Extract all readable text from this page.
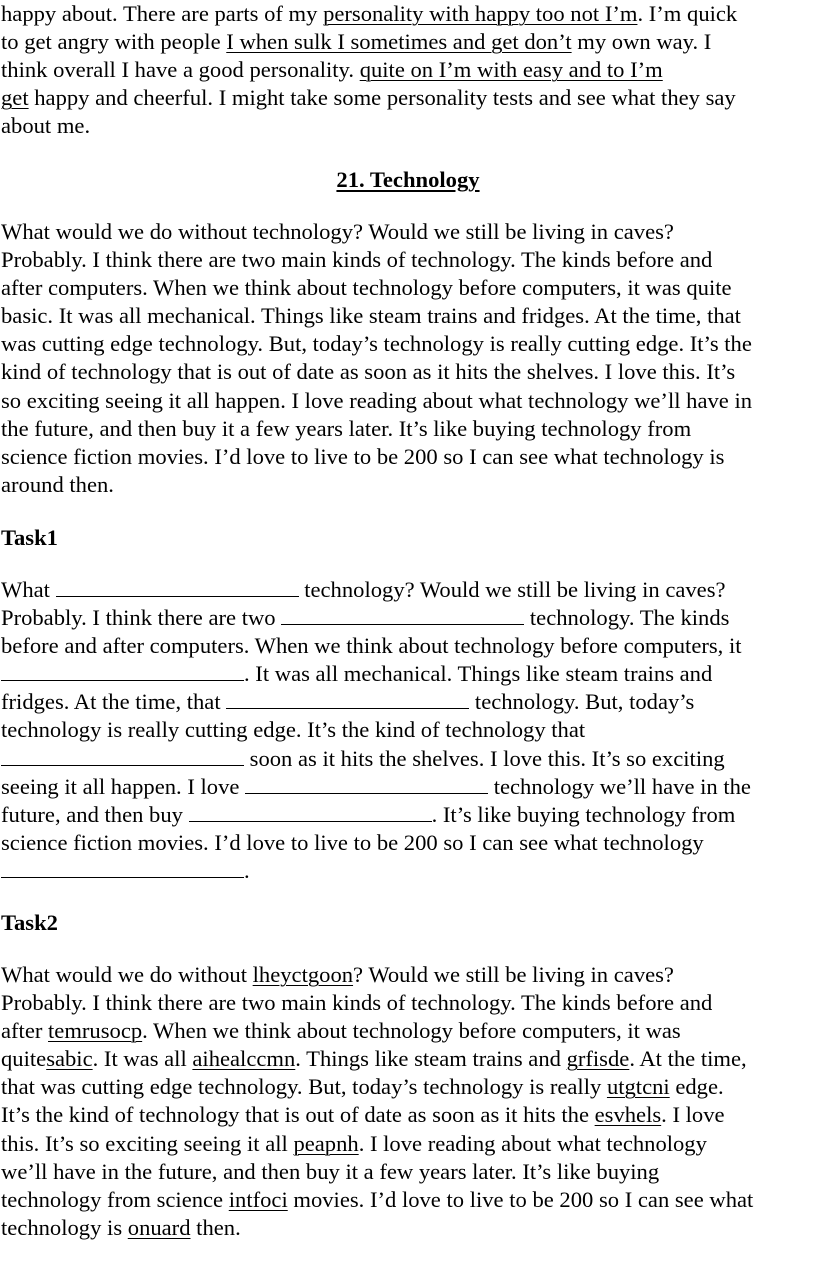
happy about. There are parts of my personality with happy too not I’m. I’m quick
to get angry with people I when sulk I sometimes and get don’t my own way. I
think overall I have a good personality. quite on I’m with easy and to I’m
get happy and cheerful. I might take some personality tests and see what they say
about me.
21. Technology
What would we do without technology? Would we still be living in caves?
Probably. I think there are two main kinds of technology. The kinds before and
after computers. When we think about technology before computers, it was quite
basic. It was all mechanical. Things like steam trains and fridges. At the time, that
was cutting edge technology. But, today’s technology is really cutting edge. It’s the
kind of technology that is out of date as soon as it hits the shelves. I love this. It’s
so exciting seeing it all happen. I love reading about what technology we’ll have in
the future, and then buy it a few years later. It’s like buying technology from
science fiction movies. I’d love to live to be 200 so I can see what technology is
around then.
Task1
What	technology? Would we still be living in caves?
Probably. I think there are two	technology. The kinds
before and after computers. When we think about technology before computers, it
. It was all mechanical. Things like steam trains and
fridges. At the time, that	technology. But, today’s
technology is really cutting edge. It’s the kind of technology that
soon as it hits the shelves. I love this. It’s so exciting
seeing it all happen. I love	technology we’ll have in the
future, and then buy	. It’s like buying technology from
science fiction movies. I’d love to live to be 200 so I can see what technology
.
Task2
What would we do without lheyctgoon? Would we still be living in caves?
Probably. I think there are two main kinds of technology. The kinds before and
after temrusocp. When we think about technology before computers, it was
quitesabic. It was all aihealccmn. Things like steam trains and grfisde. At the time,
that was cutting edge technology. But, today’s technology is really utgtcni edge.
It’s the kind of technology that is out of date as soon as it hits the esvhels. I love
this. It’s so exciting seeing it all peapnh. I love reading about what technology
we’ll have in the future, and then buy it a few years later. It’s like buying
technology from science intfoci movies. I’d love to live to be 200 so I can see what
technology is onuard then.
